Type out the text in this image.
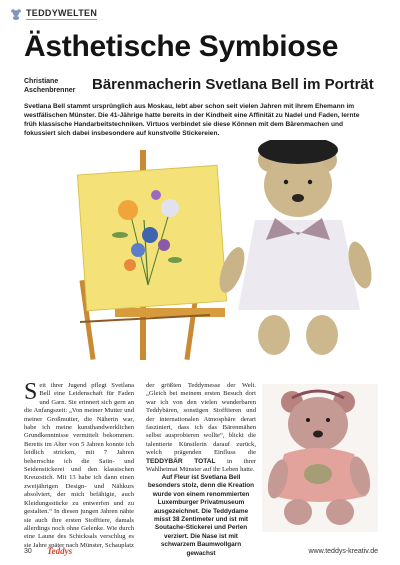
TEDDYWELTEN
Ästhetische Symbiose
Christiane
Aschenbrenner Bärenmacherin Svetlana Bell im Porträt

Svetlana Bell stammt ursprünglich aus Moskau, lebt aber schon seit vielen Jahren mit ihrem Ehemann im westfälischen Münster. Die 41-Jährige hatte bereits in der Kindheit eine Affinität zu Nadel und Faden, lernte früh klassische Handarbeitstechniken. Virtuos verbindet sie diese Können mit dem Bärenmachen und fokussiert sich dabei insbesondere auf kunstvolle Stickereien.

Seit ihrer Jugend pflegt Svetlana Bell eine Leidenschaft für Faden und Garn. Sie erinnert sich gern an die Anfangszeit: „Von meiner Mutter und meiner Großmutter, die Näherin war, habe ich meine kunsthandwerklichen Grundkenntnisse vermittelt bekommen. Bereits im Alter von 5 Jahren konnte ich leidlich stricken, mit 7 Jahren beherrschte ich die Satin- und Seidenstickerei und den klassischen Kreuzstich. Mit 13 habe ich dann einen zweijährigen Design- und Nähkurs absolviert, der mich befähigte, auch Kleidungsstücke zu entwerfen und zu gestalten.“ In diesen jungen Jahren nähte sie auch ihre ersten Stofftiere, damals allerdings noch ohne Gelenke. Wie durch eine Laune des Schicksals verschlug es sie Jahre später nach Münster, Schauplatz

der größten Teddymesse der Welt. „Gleich bei meinem ersten Besuch dort war ich von den vielen wunderbaren Teddybären, sonstigen Stofftieren und der internationalen Atmosphäre derart fasziniert, dass ich das Bärenmähen selbst ausprobieren wollte“, blickt die talentierte Künstlerin darauf zurück, welch prägenden Einfluss die TEDDYBÄR TOTAL in ihrer Wahlheimat Münster auf ihr Leben hatte.

Auf Fleur ist Svetlana Bell besonders stolz, denn die Kreation wurde von einem renommierten Luxemburger Privatmuseum ausgezeichnet. Die Teddydame misst 38 Zentimeter und ist mit Soutache-Stickerei und Perlen verziert. Die Nase ist mit schwarzem Baumwollgarn gewachst

30 Teddys	www.teddys-kreativ.de
